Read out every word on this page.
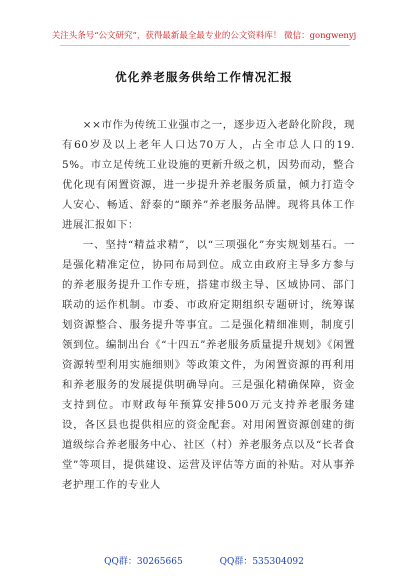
关注头条号“公文研究”，获得最新最全最专业的公文资料库！ 微信：gongwenyj
优化养老服务供给工作情况汇报

××市作为传统工业强市之一，逐步迈入老龄化阶段，现有60岁及以上老年人口达70万人，占全市总人口的19.5%。市立足传统工业设施的更新升级之机，因势而动，整合优化现有闲置资源，进一步提升养老服务质量，倾力打造令人安心、畅适、舒泰的“颐养”养老服务品牌。现将具体工作进展汇报如下：

一、坚持“精益求精”，以“三项强化”夯实规划基石。一是强化精准定位，协同布局到位。成立由政府主导多方参与的养老服务提升工作专班，搭建市级主导、区域协同、部门联动的运作机制。市委、市政府定期组织专题研讨，统筹谋划资源整合、服务提升等事宜。二是强化精细准则，制度引领到位。编制出台《“十四五”养老服务质量提升规划》《闲置资源转型利用实施细则》等政策文件，为闲置资源的再利用和养老服务的发展提供明确导向。三是强化精确保障，资金支持到位。市财政每年预算安排500万元支持养老服务建设，各区县也提供相应的资金配套。对用闲置资源创建的街道级综合养老服务中心、社区（村）养老服务点以及“长者食堂”等项目，提供建设、运营及评估等方面的补贴。对从事养老护理工作的专业人

QQ群：30265665	QQ群：535304092
